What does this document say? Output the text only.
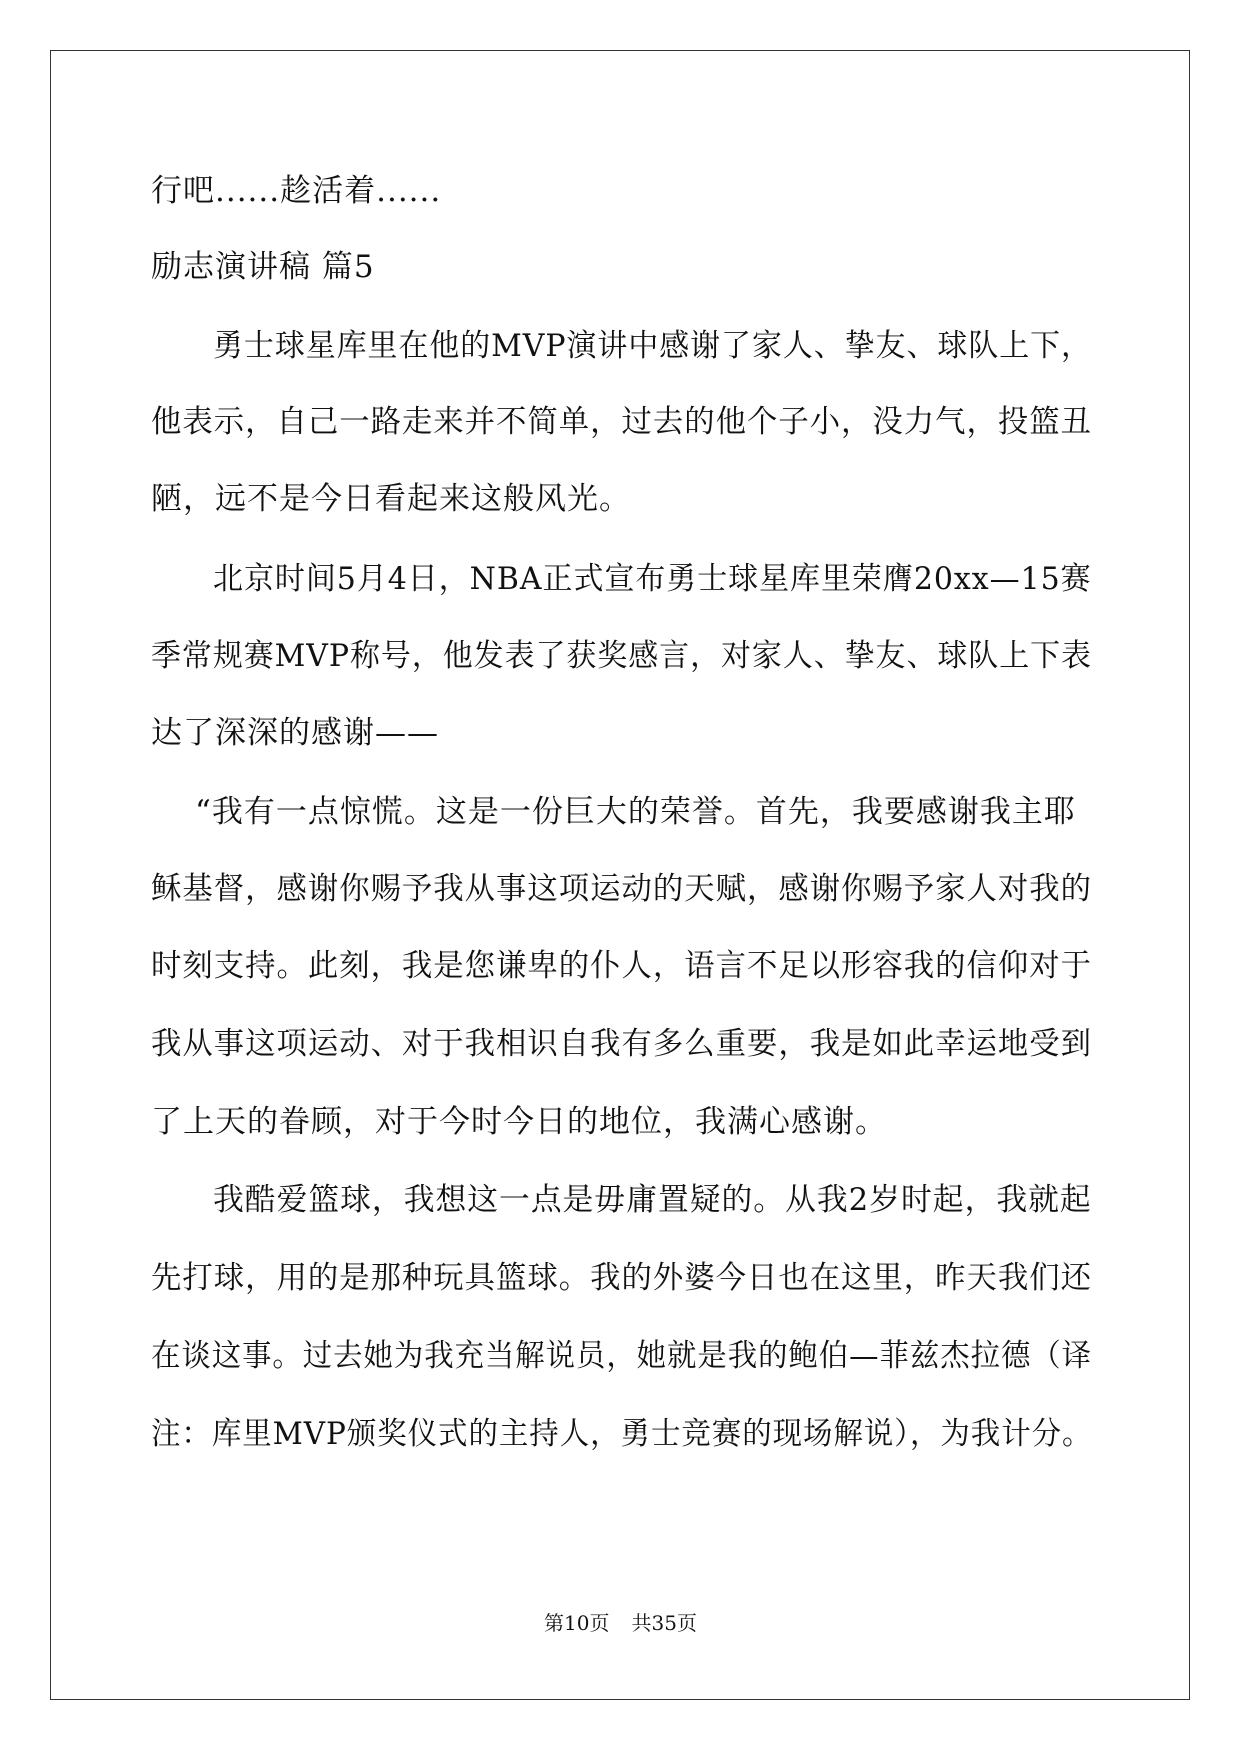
行吧......趁活着......
励志演讲稿 篇5
勇士球星库里在他的MVP演讲中感谢了家人、挚友、球队上下，
他表示，自己一路走来并不简单，过去的他个子小，没力气，投篮丑
陋，远不是今日看起来这般风光。
北京时间5月4日，NBA正式宣布勇士球星库里荣膺20xx—15赛
季常规赛MVP称号，他发表了获奖感言，对家人、挚友、球队上下表
达了深深的感谢——
“我有一点惊慌。这是一份巨大的荣誉。首先，我要感谢我主耶
稣基督，感谢你赐予我从事这项运动的天赋，感谢你赐予家人对我的
时刻支持。此刻，我是您谦卑的仆人，语言不足以形容我的信仰对于
我从事这项运动、对于我相识自我有多么重要，我是如此幸运地受到
了上天的眷顾，对于今时今日的地位，我满心感谢。
我酷爱篮球，我想这一点是毋庸置疑的。从我2岁时起，我就起
先打球，用的是那种玩具篮球。我的外婆今日也在这里，昨天我们还
在谈这事。过去她为我充当解说员，她就是我的鲍伯—菲兹杰拉德（译
注：库里MVP颁奖仪式的主持人，勇士竞赛的现场解说），为我计分。
第10页 共35页
